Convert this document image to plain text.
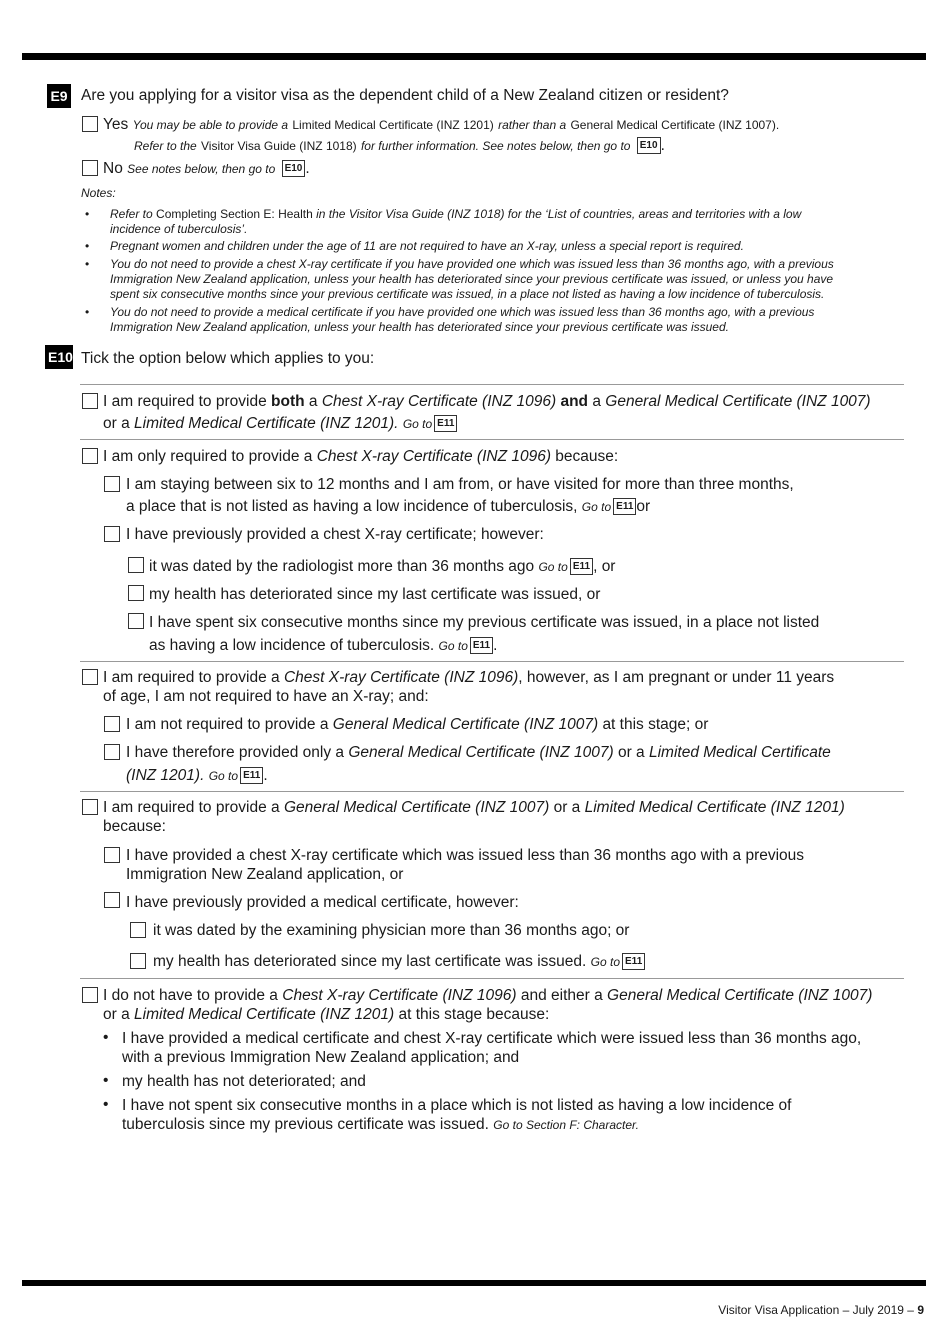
E9 Are you applying for a visitor visa as the dependent child of a New Zealand citizen or resident?
Yes You may be able to provide a Limited Medical Certificate (INZ 1201) rather than a General Medical Certificate (INZ 1007).
Refer to the Visitor Visa Guide (INZ 1018) for further information. See notes below, then go to E10 .
No See notes below, then go to E10 .
Notes:
• Refer to Completing Section E: Health in the Visitor Visa Guide (INZ 1018) for the ‘List of countries, areas and territories with a low
incidence of tuberculosis’.
• Pregnant women and children under the age of 11 are not required to have an X-ray, unless a special report is required.
• You do not need to provide a chest X-ray certificate if you have provided one which was issued less than 36 months ago, with a previous
Immigration New Zealand application, unless your health has deteriorated since your previous certificate was issued, or unless you have
spent six consecutive months since your previous certificate was issued, in a place not listed as having a low incidence of tuberculosis.
• You do not need to provide a medical certificate if you have provided one which was issued less than 36 months ago, with a previous
Immigration New Zealand application, unless your health has deteriorated since your previous certificate was issued.
E10 Tick the option below which applies to you:
I am required to provide both a Chest X-ray Certificate (INZ 1096) and a General Medical Certificate (INZ 1007)
or a Limited Medical Certificate (INZ 1201). Go to E11
I am only required to provide a Chest X-ray Certificate (INZ 1096) because:
I am staying between six to 12 months and I am from, or have visited for more than three months,
a place that is not listed as having a low incidence of tuberculosis, Go to E11 or
I have previously provided a chest X-ray certificate; however:
it was dated by the radiologist more than 36 months ago Go to E11 , or
my health has deteriorated since my last certificate was issued, or
I have spent six consecutive months since my previous certificate was issued, in a place not listed
as having a low incidence of tuberculosis. Go to E11 .
I am required to provide a Chest X-ray Certificate (INZ 1096), however, as I am pregnant or under 11 years
of age, I am not required to have an X-ray; and:
I am not required to provide a General Medical Certificate (INZ 1007) at this stage; or
I have therefore provided only a General Medical Certificate (INZ 1007) or a Limited Medical Certificate
(INZ 1201). Go to E11 .
I am required to provide a General Medical Certificate (INZ 1007) or a Limited Medical Certificate (INZ 1201)
because:
I have provided a chest X-ray certificate which was issued less than 36 months ago with a previous
Immigration New Zealand application, or
I have previously provided a medical certificate, however:
it was dated by the examining physician more than 36 months ago; or
my health has deteriorated since my last certificate was issued. Go to E11
I do not have to provide a Chest X-ray Certificate (INZ 1096) and either a General Medical Certificate (INZ 1007)
or a Limited Medical Certificate (INZ 1201) at this stage because:
• I have provided a medical certificate and chest X-ray certificate which were issued less than 36 months ago,
with a previous Immigration New Zealand application; and
• my health has not deteriorated; and
• I have not spent six consecutive months in a place which is not listed as having a low incidence of
tuberculosis since my previous certificate was issued. Go to Section F: Character.
Visitor Visa Application – July 2019 – 9
